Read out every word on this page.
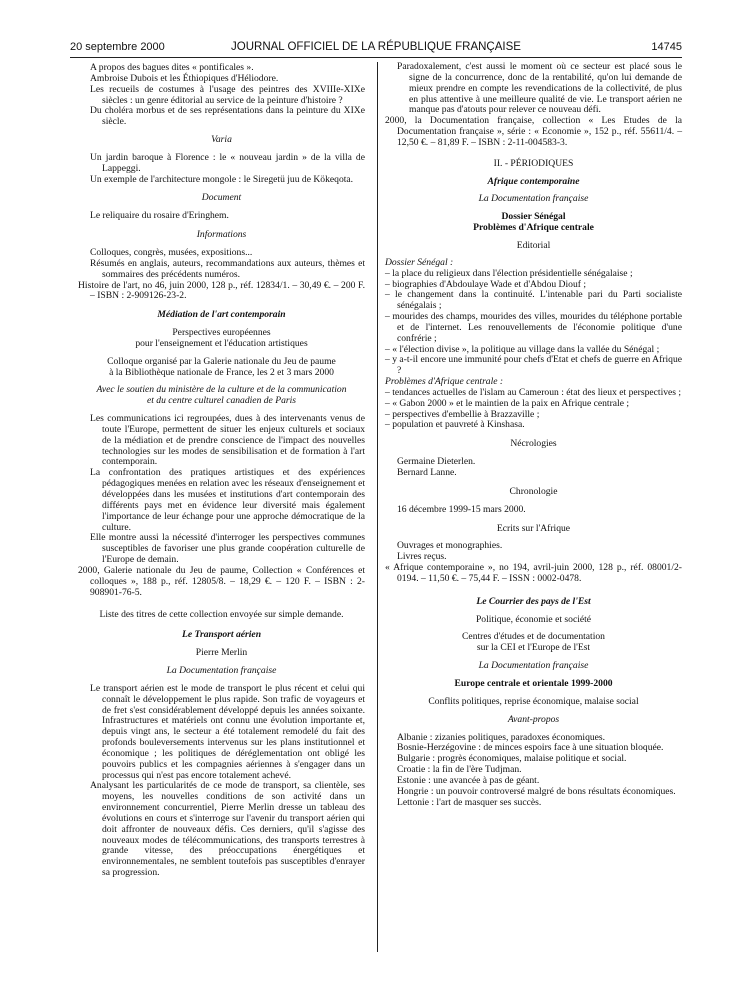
20 septembre 2000	JOURNAL OFFICIEL DE LA RÉPUBLIQUE FRANÇAISE	14745

A propos des bagues dites « pontificales ».

Ambroise Dubois et les Éthiopiques d'Héliodore.

Les recueils de costumes à l'usage des peintres des XVIIIe-XIXe siècles : un genre éditorial au service de la peinture d'histoire ?

Du choléra morbus et de ses représentations dans la peinture du XIXe siècle.

Varia

Un jardin baroque à Florence : le « nouveau jardin » de la villa de Lappeggi.

Un exemple de l'architecture mongole : le Siregetü juu de Kökeqota.

Document

Le reliquaire du rosaire d'Eringhem.

Informations

Colloques, congrès, musées, expositions...

Résumés en anglais, auteurs, recommandations aux auteurs, thèmes et sommaires des précédents numéros.

Histoire de l'art, no 46, juin 2000, 128 p., réf. 12834/1. – 30,49 €. – 200 F. – ISBN : 2-909126-23-2.

Médiation de l'art contemporain

Perspectives européennes

pour l'enseignement et l'éducation artistiques

Colloque organisé par la Galerie nationale du Jeu de paume

à la Bibliothèque nationale de France, les 2 et 3 mars 2000

Avec le soutien du ministère de la culture et de la communication

et du centre culturel canadien de Paris

Les communications ici regroupées, dues à des intervenants venus de toute l'Europe, permettent de situer les enjeux culturels et sociaux de la médiation et de prendre conscience de l'impact des nouvelles technologies sur les modes de sensibilisation et de formation à l'art contemporain.

La confrontation des pratiques artistiques et des expériences pédagogiques menées en relation avec les réseaux d'enseignement et développées dans les musées et institutions d'art contemporain des différents pays met en évidence leur diversité mais également l'importance de leur échange pour une approche démocratique de la culture.

Elle montre aussi la nécessité d'interroger les perspectives communes susceptibles de favoriser une plus grande coopération culturelle de l'Europe de demain.

2000, Galerie nationale du Jeu de paume, Collection « Conférences et colloques », 188 p., réf. 12805/8. – 18,29 €. – 120 F. – ISBN : 2-908901-76-5.

Liste des titres de cette collection envoyée sur simple demande.

Le Transport aérien

Pierre Merlin

La Documentation française

Le transport aérien est le mode de transport le plus récent et celui qui connaît le développement le plus rapide. Son trafic de voyageurs et de fret s'est considérablement développé depuis les années soixante. Infrastructures et matériels ont connu une évolution importante et, depuis vingt ans, le secteur a été totalement remodelé du fait des profonds bouleversements intervenus sur les plans institutionnel et économique ; les politiques de déréglementation ont obligé les pouvoirs publics et les compagnies aériennes à s'engager dans un processus qui n'est pas encore totalement achevé.

Analysant les particularités de ce mode de transport, sa clientèle, ses moyens, les nouvelles conditions de son activité dans un environnement concurrentiel, Pierre Merlin dresse un tableau des évolutions en cours et s'interroge sur l'avenir du transport aérien qui doit affronter de nouveaux défis. Ces derniers, qu'il s'agisse des nouveaux modes de télécommunications, des transports terrestres à grande vitesse, des préoccupations énergétiques et environnementales, ne semblent toutefois pas susceptibles d'enrayer sa progression.

Paradoxalement, c'est aussi le moment où ce secteur est placé sous le signe de la concurrence, donc de la rentabilité, qu'on lui demande de mieux prendre en compte les revendications de la collectivité, de plus en plus attentive à une meilleure qualité de vie. Le transport aérien ne manque pas d'atouts pour relever ce nouveau défi.

2000, la Documentation française, collection « Les Etudes de la Documentation française », série : « Economie », 152 p., réf. 55611/4. – 12,50 €. – 81,89 F. – ISBN : 2-11-004583-3.

II. - PÉRIODIQUES

Afrique contemporaine

La Documentation française

Dossier Sénégal

Problèmes d'Afrique centrale

Editorial

Dossier Sénégal :

– la place du religieux dans l'élection présidentielle sénégalaise ;

– biographies d'Abdoulaye Wade et d'Abdou Diouf ;

– le changement dans la continuité. L'intenable pari du Parti socialiste sénégalais ;

– mourides des champs, mourides des villes, mourides du téléphone portable et de l'internet. Les renouvellements de l'économie politique d'une confrérie ;

– « l'élection divise », la politique au village dans la vallée du Sénégal ;

– y a-t-il encore une immunité pour chefs d'Etat et chefs de guerre en Afrique ?

Problèmes d'Afrique centrale :

– tendances actuelles de l'islam au Cameroun : état des lieux et perspectives ;

– « Gabon 2000 » et le maintien de la paix en Afrique centrale ;

– perspectives d'embellie à Brazzaville ;

– population et pauvreté à Kinshasa.

Nécrologies

Germaine Dieterlen.

Bernard Lanne.

Chronologie

16 décembre 1999-15 mars 2000.

Ecrits sur l'Afrique

Ouvrages et monographies.

Livres reçus.

« Afrique contemporaine », no 194, avril-juin 2000, 128 p., réf. 08001/2-0194. – 11,50 €. – 75,44 F. – ISSN : 0002-0478.

Le Courrier des pays de l'Est

Politique, économie et société

Centres d'études et de documentation

sur la CEI et l'Europe de l'Est

La Documentation française

Europe centrale et orientale 1999-2000

Conflits politiques, reprise économique, malaise social

Avant-propos

Albanie : zizanies politiques, paradoxes économiques.

Bosnie-Herzégovine : de minces espoirs face à une situation bloquée.

Bulgarie : progrès économiques, malaise politique et social.

Croatie : la fin de l'ère Tudjman.

Estonie : une avancée à pas de géant.

Hongrie : un pouvoir controversé malgré de bons résultats économiques.

Lettonie : l'art de masquer ses succès.
